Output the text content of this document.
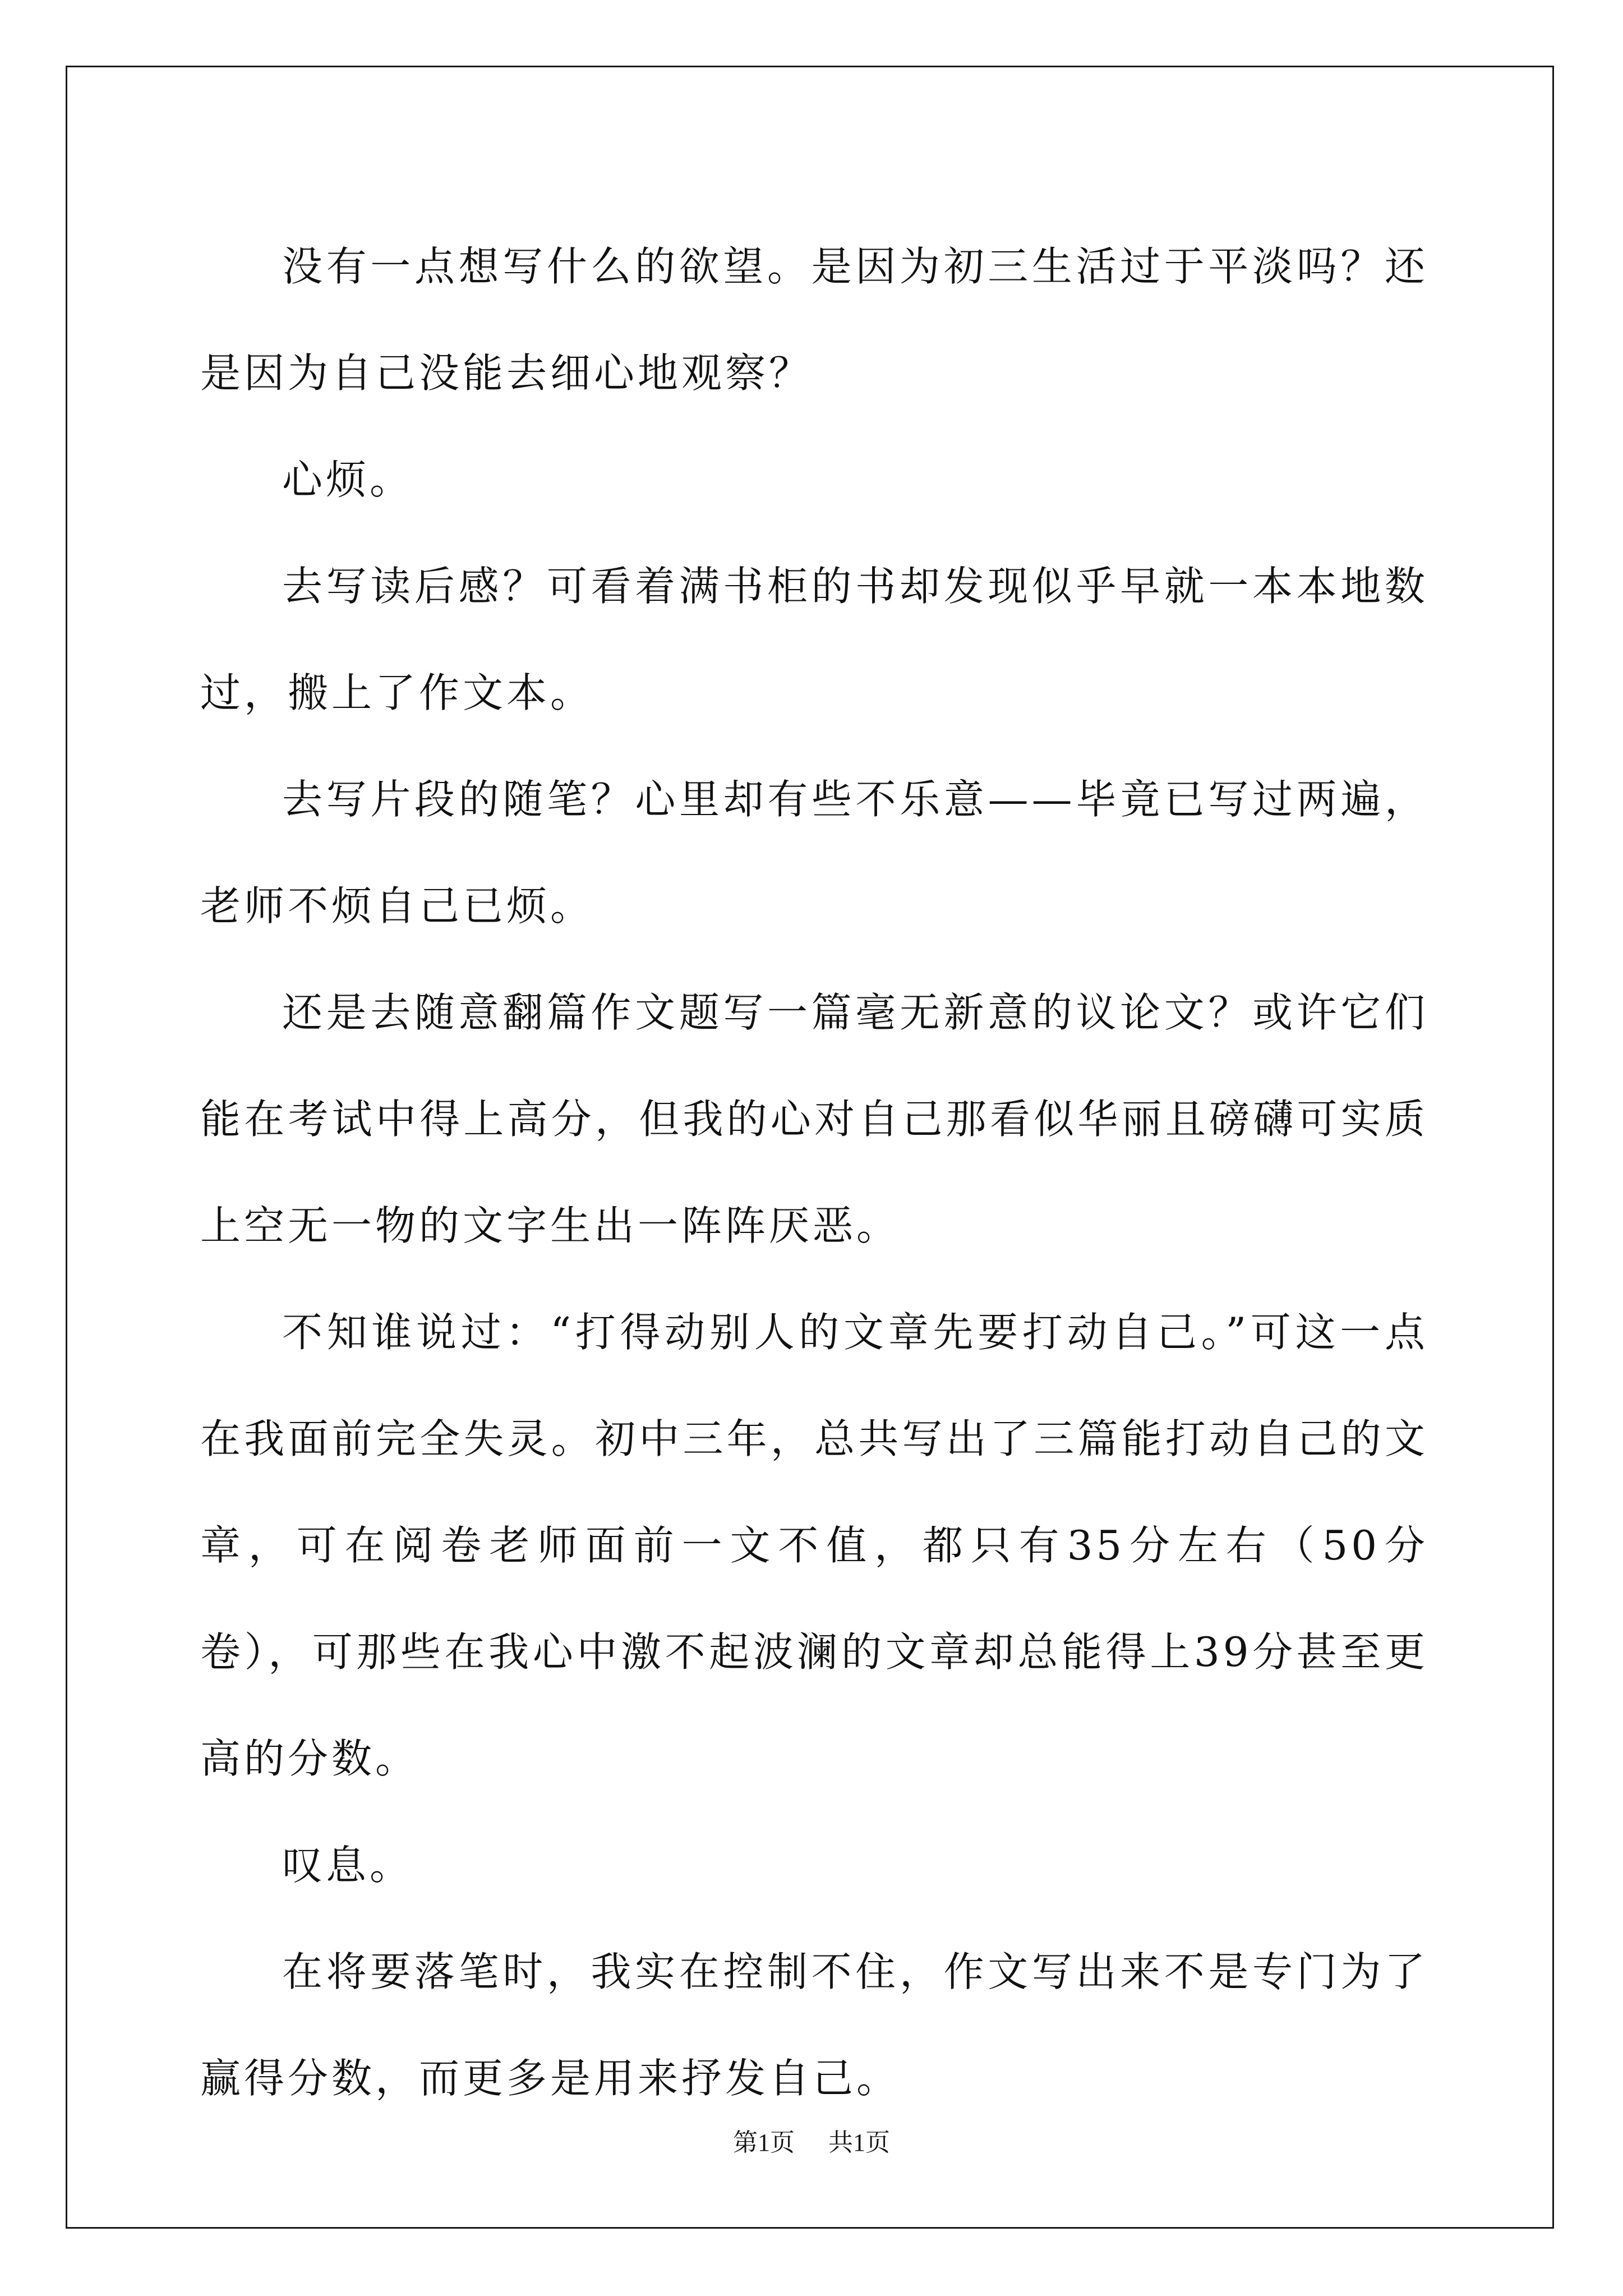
没有一点想写什么的欲望。是因为初三生活过于平淡吗？还是因为自己没能去细心地观察？

心烦。

去写读后感？可看着满书柜的书却发现似乎早就一本本地数过，搬上了作文本。

去写片段的随笔？心里却有些不乐意——毕竟已写过两遍，老师不烦自己已烦。

还是去随意翻篇作文题写一篇毫无新意的议论文？或许它们能在考试中得上高分，但我的心对自己那看似华丽且磅礴可实质上空无一物的文字生出一阵阵厌恶。

不知谁说过：“打得动别人的文章先要打动自己。”可这一点在我面前完全失灵。初中三年，总共写出了三篇能打动自己的文章，可在阅卷老师面前一文不值，都只有35分左右（50分卷），可那些在我心中激不起波澜的文章却总能得上39分甚至更高的分数。

叹息。

在将要落笔时，我实在控制不住，作文写出来不是专门为了赢得分数，而更多是用来抒发自己。

第1页 共1页
